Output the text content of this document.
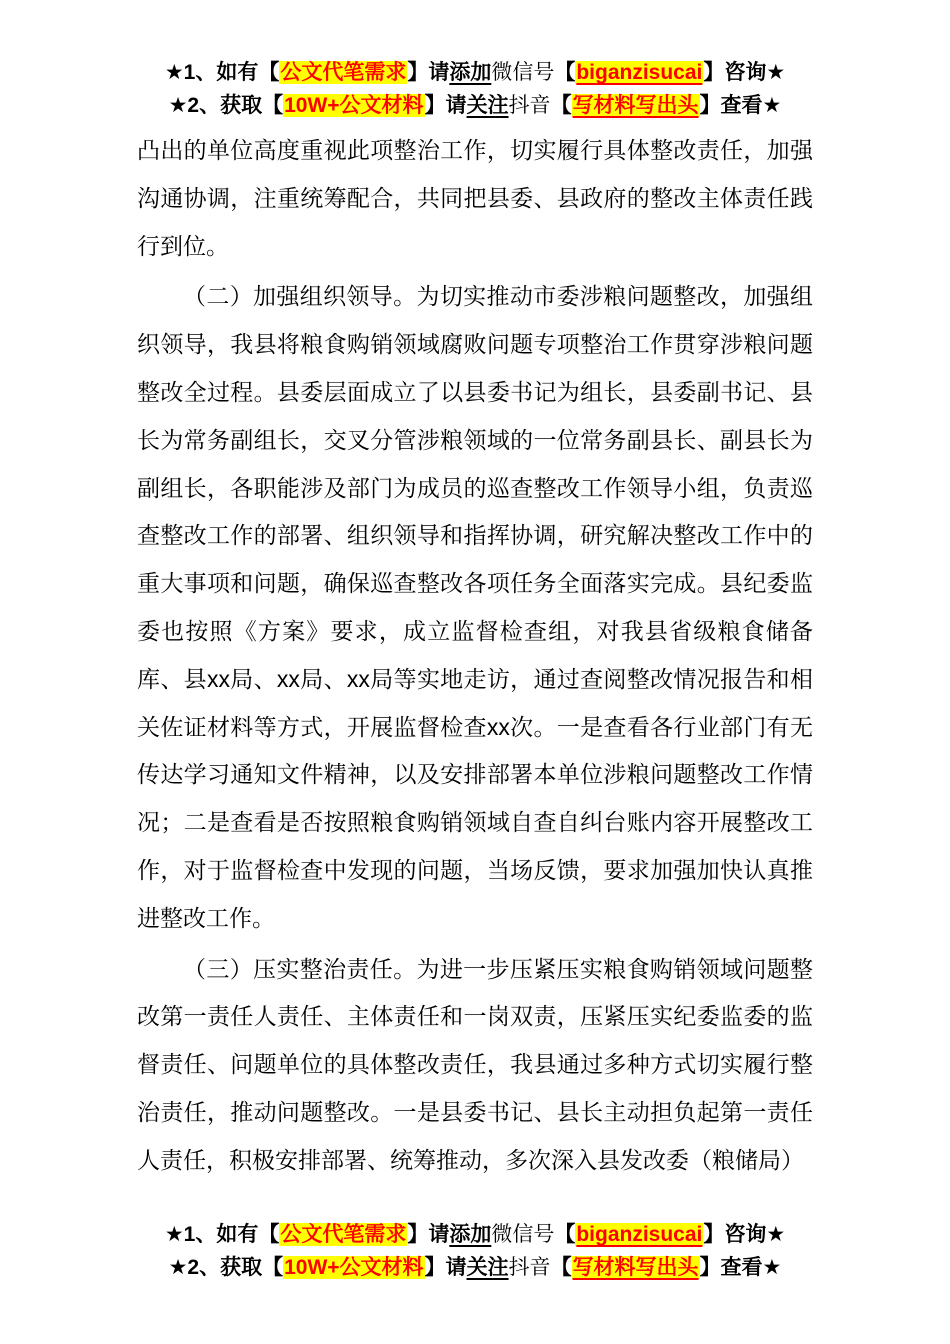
★1、如有【公文代笔需求】请添加微信号【biganzisucai】咨询★
★2、获取【10W+公文材料】请关注抖音【写材料写出头】查看★

凸出的单位高度重视此项整治工作，切实履行具体整改责任，加强沟通协调，注重统筹配合，共同把县委、县政府的整改主体责任践行到位。

（二）加强组织领导。为切实推动市委涉粮问题整改，加强组织领导，我县将粮食购销领域腐败问题专项整治工作贯穿涉粮问题整改全过程。县委层面成立了以县委书记为组长，县委副书记、县长为常务副组长，交叉分管涉粮领域的一位常务副县长、副县长为副组长，各职能涉及部门为成员的巡查整改工作领导小组，负责巡查整改工作的部署、组织领导和指挥协调，研究解决整改工作中的重大事项和问题，确保巡查整改各项任务全面落实完成。县纪委监委也按照《方案》要求，成立监督检查组，对我县省级粮食储备库、县xx局、xx局、xx局等实地走访，通过查阅整改情况报告和相关佐证材料等方式，开展监督检查xx次。一是查看各行业部门有无传达学习通知文件精神，以及安排部署本单位涉粮问题整改工作情况；二是查看是否按照粮食购销领域自查自纠台账内容开展整改工作，对于监督检查中发现的问题，当场反馈，要求加强加快认真推进整改工作。

（三）压实整治责任。为进一步压紧压实粮食购销领域问题整改第一责任人责任、主体责任和一岗双责，压紧压实纪委监委的监督责任、问题单位的具体整改责任，我县通过多种方式切实履行整治责任，推动问题整改。一是县委书记、县长主动担负起第一责任人责任，积极安排部署、统筹推动，多次深入县发改委（粮储局）

★1、如有【公文代笔需求】请添加微信号【biganzisucai】咨询★
★2、获取【10W+公文材料】请关注抖音【写材料写出头】查看★
